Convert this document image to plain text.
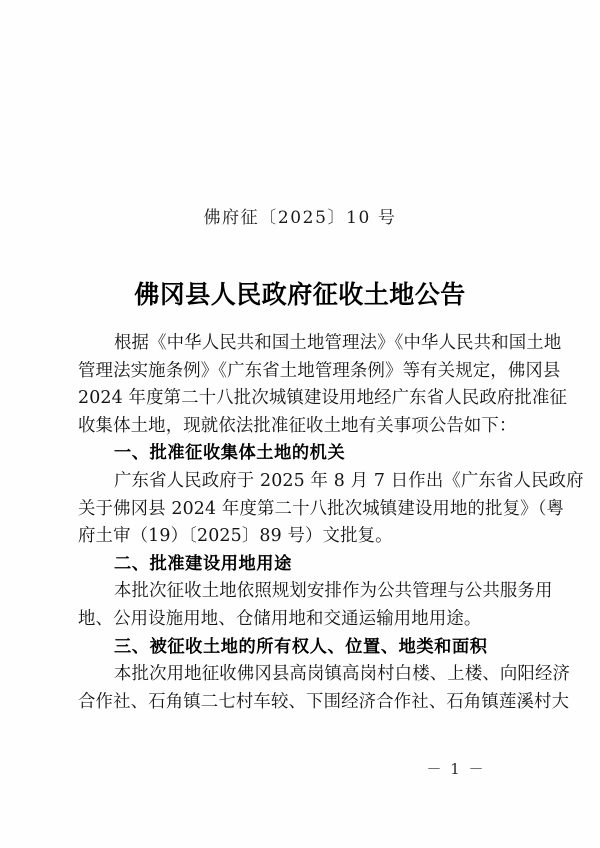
佛府征〔2025〕10 号
佛冈县人民政府征收土地公告
根据《中华人民共和国土地管理法》《中华人民共和国土地
管理法实施条例》《广东省土地管理条例》等有关规定，佛冈县
2024 年度第二十八批次城镇建设用地经广东省人民政府批准征
收集体土地，现就依法批准征收土地有关事项公告如下：
一、批准征收集体土地的机关
广东省人民政府于 2025 年 8 月 7 日作出《广东省人民政府
关于佛冈县 2024 年度第二十八批次城镇建设用地的批复》（粤
府土审（19）〔2025〕89 号）文批复。
二、批准建设用地用途
本批次征收土地依照规划安排作为公共管理与公共服务用
地、公用设施用地、仓储用地和交通运输用地用途。
三、被征收土地的所有权人、位置、地类和面积
本批次用地征收佛冈县高岗镇高岗村白楼、上楼、向阳经济
合作社、石角镇二七村车较、下围经济合作社、石角镇莲溪村大
－ 1 －
